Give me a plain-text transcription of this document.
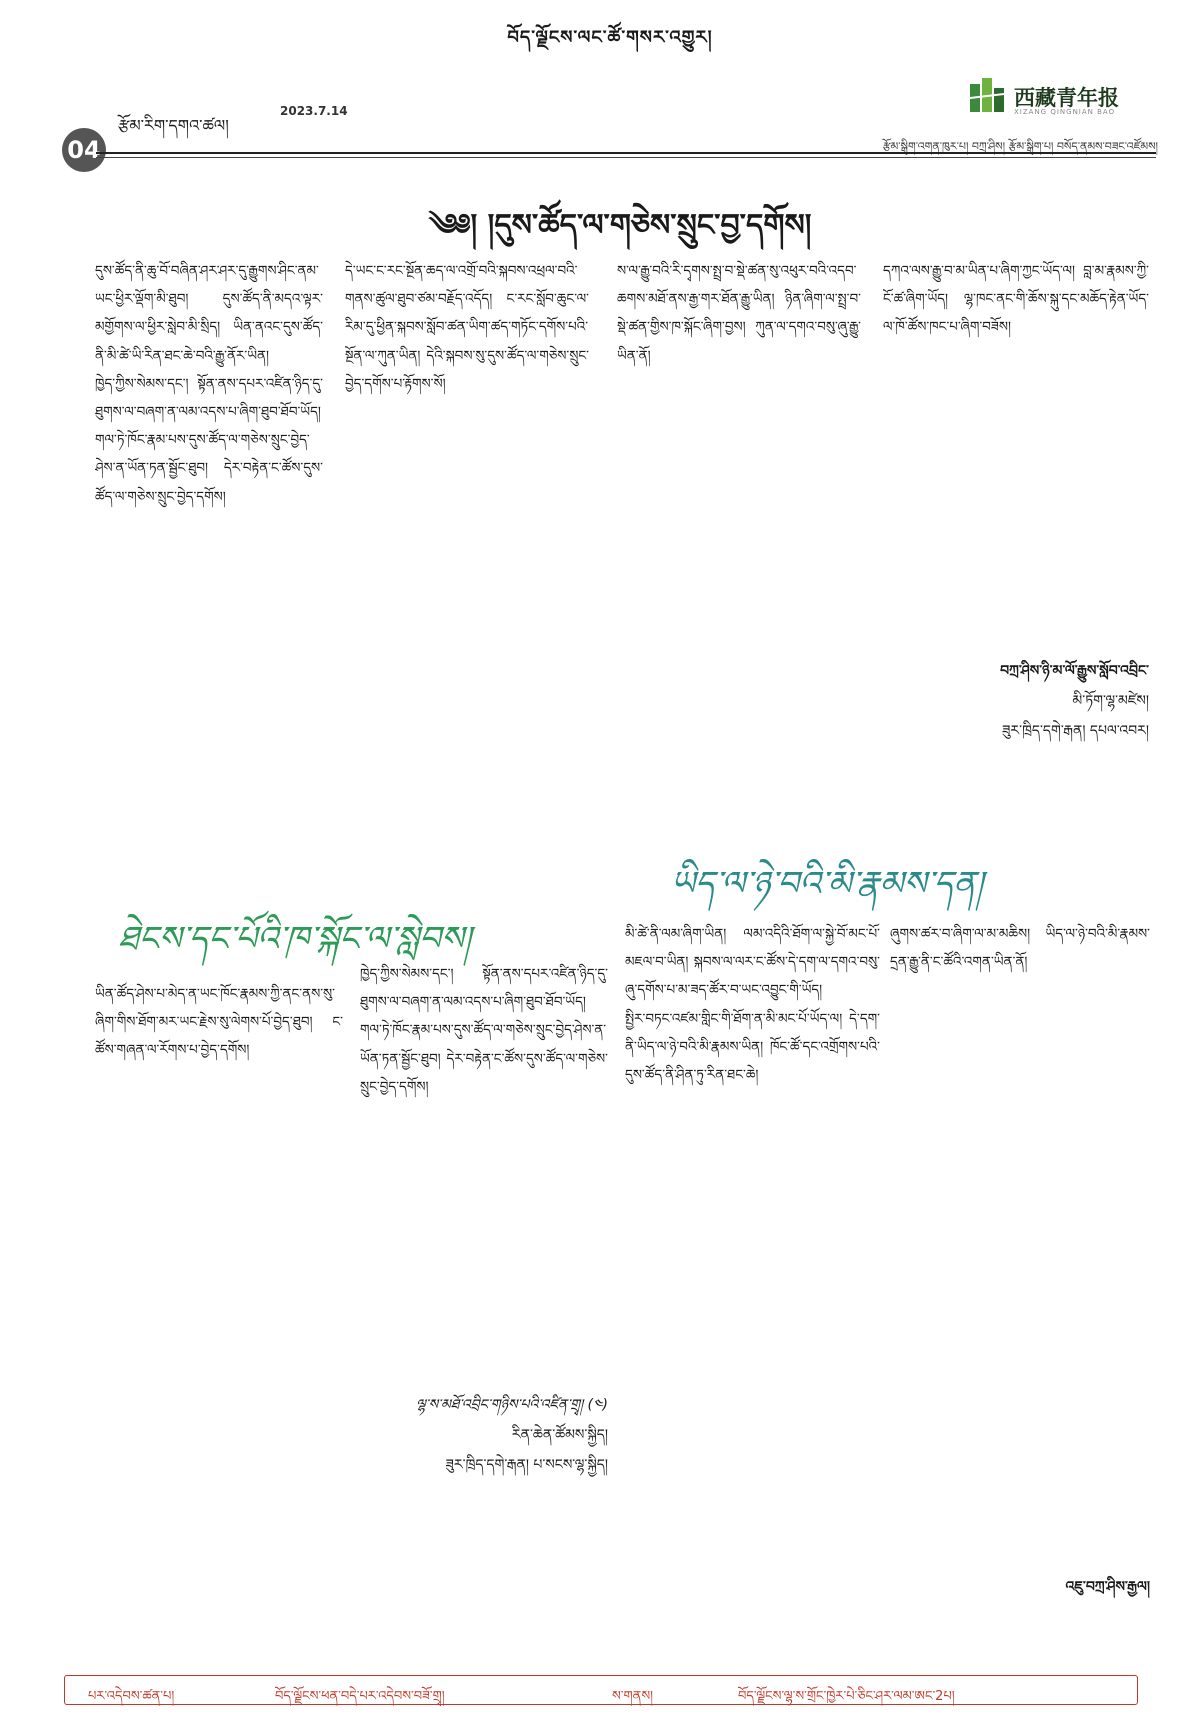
བོད་ལྗོངས་ལང་ཚོ་གསར་འགྱུར།
རྩོམ་རིག་དགའ་ཚལ།
2023.7.14
04
西藏青年报
XIZANG QINGNIAN BAO
རྩོམ་སྒྲིག་འགན་ཁུར་པ། བཀྲ་ཤིས། རྩོམ་སྒྲིག་པ། བསོད་ནམས་བཟང་འཛོམས།
༄༅། །དུས་ཚོད་ལ་གཅེས་སྲུང་བྱ་དགོས།

དུས་ཚོད་ནི་ཆུ་བོ་བཞིན་ཤར་ཤར་དུ་རྒྱུགས་ཤིང་ནམ་ཡང་ཕྱིར་ལྡོག་མི་ཐུབ། དུས་ཚོད་ནི་མདའ་ལྟར་མགྱོགས་ལ་ཕྱིར་སླེབ་མི་སྲིད། ཡིན་ནའང་དུས་ཚོད་ནི་མི་ཚེ་ཡི་རིན་ཐང་ཆེ་བའི་རྒྱུ་ནོར་ཡིན།

ཁྱེད་ཀྱིས་སེམས་དང་། སྟོན་ནས་དཔར་འཛིན་ཉིད་དུ་ཐུགས་ལ་བཞག་ན་ལམ་འདས་པ་ཞིག་ཐུབ་ཐོབ་ཡོད། གལ་ཏེ་ཁོང་རྣམ་པས་དུས་ཚོད་ལ་གཅེས་སྲུང་བྱེད་ཤེས་ན་ཡོན་ཏན་སྦྱོང་ཐུབ། དེར་བརྟེན་ང་ཚོས་དུས་ཚོད་ལ་གཅེས་སྲུང་བྱེད་དགོས།

དེ་ཡང་ང་རང་སྔོན་ཆད་ལ་འགྲོ་བའི་སྐབས་འཕྲལ་བའི་གནས་ཚུལ་ཐུབ་ཙམ་བརྗོད་འདོད། ང་རང་སློབ་ཆུང་ལ་རིམ་དུ་ཕྱིན་སྐབས་སློབ་ཚན་ཡིག་ཚད་གཏོང་དགོས་པའི་སྔོན་ལ་ཀུན་ཡིན། དེའི་སྐབས་སུ་དུས་ཚོད་ལ་གཅེས་སྲུང་བྱེད་དགོས་པ་རྟོགས་སོ།

ས་ལ་རྒྱུ་བའི་རི་དྭགས་སྤྲ་བ་སྡེ་ཚན་སུ་འཕུར་བའི་འདབ་ཆགས་མཐོ་ནས་རྒྱ་གར་ཐོན་རྒྱུ་ཡིན། ཉིན་ཞིག་ལ་སྤྲ་བ་སྡེ་ཚན་གྱིས་ཁ་སྐོང་ཞིག་བྱས། ཀུན་ལ་དགའ་བསུ་ཞུ་རྒྱུ་ཡིན་ནོ།

དཀའ་ལས་རྒྱུ་བ་མ་ཡིན་པ་ཞིག་ཀྱང་ཡོད་ལ། བླ་མ་རྣམས་ཀྱི་ངོ་ཚ་ཞིག་ཡོད། ལྷ་ཁང་ནང་གི་ཆོས་སྐུ་དང་མཆོད་རྟེན་ཡོད་ལ་ཁོ་ཚོས་ཁང་པ་ཞིག་བཟོས།

བཀྲ་ཤིས་ཉི་མ་ལོ་རྒྱུས་སློབ་འབྲིང་
མི་ཏོག་ལྷ་མཛེས།
ཟུར་ཁྲིད་དགེ་རྒན། དཔལ་འབར།
ཐེངས་དང་པོའི་ཁ་སྐོང་ལ་སླེབས།

ཡིན་ཚོད་ཤེས་པ་མེད་ན་ཡང་ཁོང་རྣམས་ཀྱི་ནང་ནས་སུ་ཞིག་གིས་ཐོག་མར་ཡང་རྗེས་སུ་ལེགས་པོ་བྱེད་ཐུབ། ང་ཚོས་གཞན་ལ་རོགས་པ་བྱེད་དགོས།

ཁྱེད་ཀྱིས་སེམས་དང་། སྟོན་ནས་དཔར་འཛིན་ཉིད་དུ་ཐུགས་ལ་བཞག་ན་ལམ་འདས་པ་ཞིག་ཐུབ་ཐོབ་ཡོད། གལ་ཏེ་ཁོང་རྣམ་པས་དུས་ཚོད་ལ་གཅེས་སྲུང་བྱེད་ཤེས་ན་ཡོན་ཏན་སྦྱོང་ཐུབ། དེར་བརྟེན་ང་ཚོས་དུས་ཚོད་ལ་གཅེས་སྲུང་བྱེད་དགོས།

ལྷ་ས་མཐོ་འབྲིང་གཉིས་པའི་འཛིན་གྲྭ། (༤)
རིན་ཆེན་ཚོམས་སྐྱིད།
ཟུར་ཁྲིད་དགེ་རྒན། པ་སངས་ལྷ་སྐྱིད།
ཡིད་ལ་ཉེ་བའི་མི་རྣམས་དན།

མི་ཚེ་ནི་ལམ་ཞིག་ཡིན། ལམ་འདིའི་ཐོག་ལ་སྐྱེ་བོ་མང་པོ་མཇལ་བ་ཡིན། སྐབས་ལ་ལར་ང་ཚོས་དེ་དག་ལ་དགའ་བསུ་ཞུ་དགོས་པ་མ་ཟད་ཚོར་བ་ཡང་འབྱུང་གི་ཡོད།

སྤྱིར་བཏང་འཛམ་གླིང་གི་ཐོག་ན་མི་མང་པོ་ཡོད་ལ། དེ་དག་ནི་ཡིད་ལ་ཉེ་བའི་མི་རྣམས་ཡིན། ཁོང་ཚོ་དང་འགྲོགས་པའི་དུས་ཚོད་ནི་ཤིན་ཏུ་རིན་ཐང་ཆེ།

ཞུགས་ཚར་བ་ཞིག་ལ་མ་མཆིས། ཡིད་ལ་ཉེ་བའི་མི་རྣམས་དྲན་རྒྱུ་ནི་ང་ཚོའི་འགན་ཡིན་ནོ།

འཇུ་བཀྲ་ཤིས་རྒྱལ།
པར་འདེབས་ཚན་པ།	བོད་ལྗོངས་ཕན་བདེ་པར་འདེབས་བཟོ་གྲྭ།	ས་གནས།	བོད་ལྗོངས་ལྷ་ས་གྲོང་ཁྱེར་པེ་ཅིང་ཤར་ལམ་ཨང་2པ།
